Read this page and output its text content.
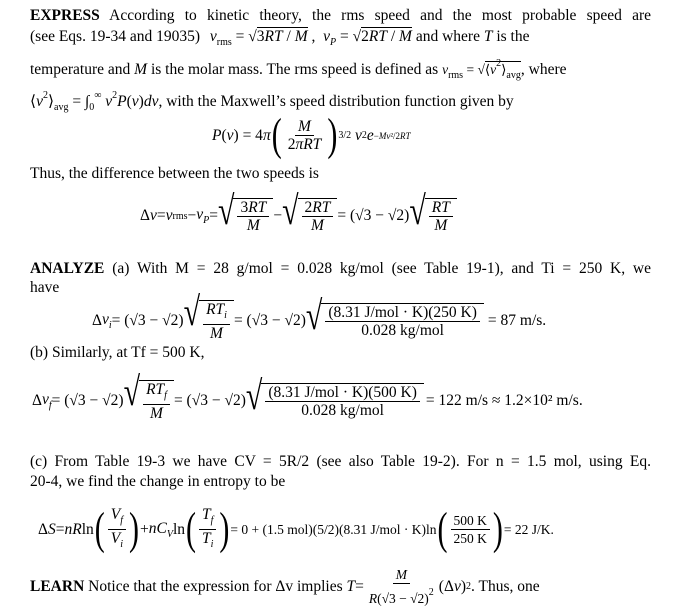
EXPRESS According to kinetic theory, the rms speed and the most probable speed are
(see Eqs. 19-34 and 19035) $v_{rms} = √3RT / M$ ,  $v_P = √2RT / M$ and where T is the
temperature and M is the molar mass. The rms speed is defined as $v_{rms}$ = $√⟨v^2⟩_{avg}$, where
$⟨v^2⟩_{avg} = \int_0^\infty$ $v^2P(v)dv$, with the Maxwell’s speed distribution function given by
P ( v ) = 4 π ( $\frac{M}{\text{2πRT}}$ ) 3/2
v 2 e −Mv²/2RT
Thus, the difference between the two speeds is
Δ v = v rms − $v_P$ = √ $\frac{3RT}{M}$ − √ $\frac{2RT}{M} = (√3 - √2)$ √ $\frac{RT}{M}$
ANALYZE (a) With M = 28 g/mol = 0.028 kg/mol (see Table 19-1), and Ti = 250 K, we
have
Δ $v_i = (√3 - √2)$ √ $\frac{RT_i}{M} = (√3 - √2)$ √ $\frac{\text{(8.31 J/mol · K)(250 K)}}{\text{0.028 kg/mol}} = 87$ m/s.
(b) Similarly, at Tf = 500 K,
Δ $v_f = (√3 - √2)$ √ $\frac{RT_f}{M} = (√3 - √2)$ √ $\frac{\text{(8.31 J/mol · K)(500 K)}}{\text{0.028 kg/mol}} = 122$ m/s ≈ 1.2×10² m/s.
(c) From Table 19-3 we have CV = 5R/2 (see also Table 19-2). For n = 1.5 mol, using Eq.
20-4, we find the change in entropy to be
Δ S = nR ln ( $\frac{V_f}{V_i}$ ) + $nC_V$ ln ( $\frac{T_f}{T_i}$ ) = 0 + (1.5 mol)(5/2)(8.31 J/mol · K)ln ( $\frac{500 K}{250 K}$ ) = 22 J/K.
LEARN
Notice that the expression for Δv implies
$T = \frac{M}{R(√3 - √2)^2} (\Delta$ v ) 2 . Thus, one
